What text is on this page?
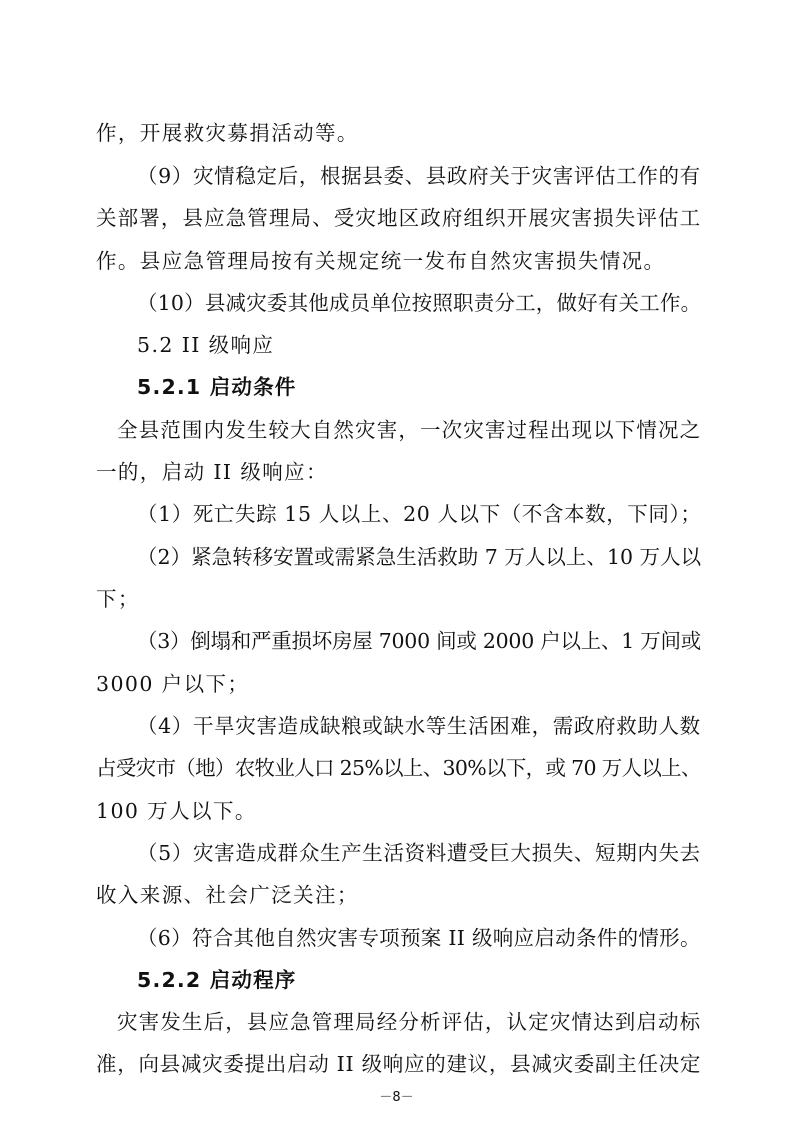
作，开展救灾募捐活动等。
（9）灾情稳定后，根据县委、县政府关于灾害评估工作的有
关部署，县应急管理局、受灾地区政府组织开展灾害损失评估工
作。县应急管理局按有关规定统一发布自然灾害损失情况。
（10）县减灾委其他成员单位按照职责分工，做好有关工作。
5.2 II 级响应
5.2.1 启动条件
全县范围内发生较大自然灾害，一次灾害过程出现以下情况之
一的，启动 II 级响应：
（1）死亡失踪 15 人以上、20 人以下（不含本数，下同）；
（2）紧急转移安置或需紧急生活救助 7 万人以上、10 万人以
下；
（3）倒塌和严重损坏房屋 7000 间或 2000 户以上、1 万间或
3000 户以下；
（4）干旱灾害造成缺粮或缺水等生活困难，需政府救助人数
占受灾市（地）农牧业人口 25%以上、30%以下，或 70 万人以上、
100 万人以下。
（5）灾害造成群众生产生活资料遭受巨大损失、短期内失去
收入来源、社会广泛关注；
（6）符合其他自然灾害专项预案 II 级响应启动条件的情形。
5.2.2 启动程序
灾害发生后，县应急管理局经分析评估，认定灾情达到启动标
准，向县减灾委提出启动 II 级响应的建议，县减灾委副主任决定
－8－
